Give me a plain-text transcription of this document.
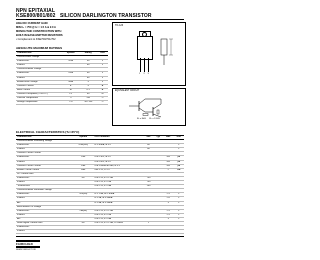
NPN EPITAXIAL
KSE800/801/802 SILICON DARLINGTON TRANSISTOR
HIGH DC CURRENT GAIN
MIN h₁ = 750 @ Iᴄ = 1.5 A & 2.0 A
MONOLITHIC CONSTRUCTION WITH
BUILT-IN BASE-EMITTER RESISTORS
• Complement to KSE700/701/702
TO-126
1 2 3
ABSOLUTE MAXIMUM RATINGS
Characteristic	Symbol	Rating	Unit
Collector-Base Voltage			
KSE800/801	Vᴄʙᴏ	60	V
KSE802		80	V
Collector-Emitter Voltage			
KSE800/801	Vᴄᴇᴏ	60	V
KSE802		80	V
Emitter-Base Voltage	Vᴇʙᴏ	5	V
Collector Current	Iᴄ	4	A
Base Current	Iʙ	0.1	A
Collector Dissipation (Tᴄ=25°C)	Pᴄ	40	W
Junction Temperature	Tⱼ	150	°C
Storage Temperature	Tₛₜᵍ	-55~150	°C
EQUIVALENT CIRCUIT
R₁ = 8kΩ R₂ = 120Ω
ELECTRICAL CHARACTERISTICS (Tᴄ=25°C)
Characteristic	Symbol	Test Condition	Min	Typ	Max	Unit
Collector-Emitter Sustaining Voltage						
KSE800/801	Vᴄᴇᴏ(sus)	Iᴄ = 50mA, Iʙ = 0	60			V
KSE802			80			V
Collector Cut-off Current						
KSE800/801	Iᴄᴇᴏ	Vᴄᴇ = 30V, Iʙ = 0			100	µA
KSE802		Vᴄᴇ = 40V, Iʙ = 0			100	µA
Collector Cut-off Current	Iᴄʙᴏ	Vᴄʙ = Rated BVᴄʙᴏ, Iᴇ = 0			100	µA
Emitter Cut-off Current	Iᴇʙᴏ	Vᴇʙ = 5V, Iᴄ = 0			2	mA
DC Current Gain						
KSE800/802	hᶠᴇ	Vᴄᴇ = 3V, Iᴄ = 1.5A	750			
KSE801		Vᴄᴇ = 3V, Iᴄ = 2A	750			
*KSE800/802		Vᴄᴇ = 3V, Iᴄ = 4A	100			
Collector-Emitter Saturation Voltage						
KSE800/802	Vᴄᴇ(sat)	Iᴄ = 1.5A, Iʙ = 30mA			2.5	V
KSE801		Iᴄ = 2A, Iʙ = 40mA			2.8	V
ALL		Iᴄ = 4A, Iʙ = 40mA			3	V
Base-Emitter On Voltage						
KSE800/802	Vʙᴇ(on)	Vᴄᴇ = 3V, Iᴄ = 1.5A			2.5	V
KSE801		Vᴄᴇ = 3V, Iᴄ = 2A			2.5	V
ALL		Vᴄᴇ = 3V, Iᴄ = 4A			3	V
Small Signal Current Gain	hᶠᴇ	Vᴄᴇ = 3V, Iᴄ = 1.5A, f = 1MHz	1			
KSE800/802						
KSE801						
FAIRCHILD
SEMICONDUCTOR
